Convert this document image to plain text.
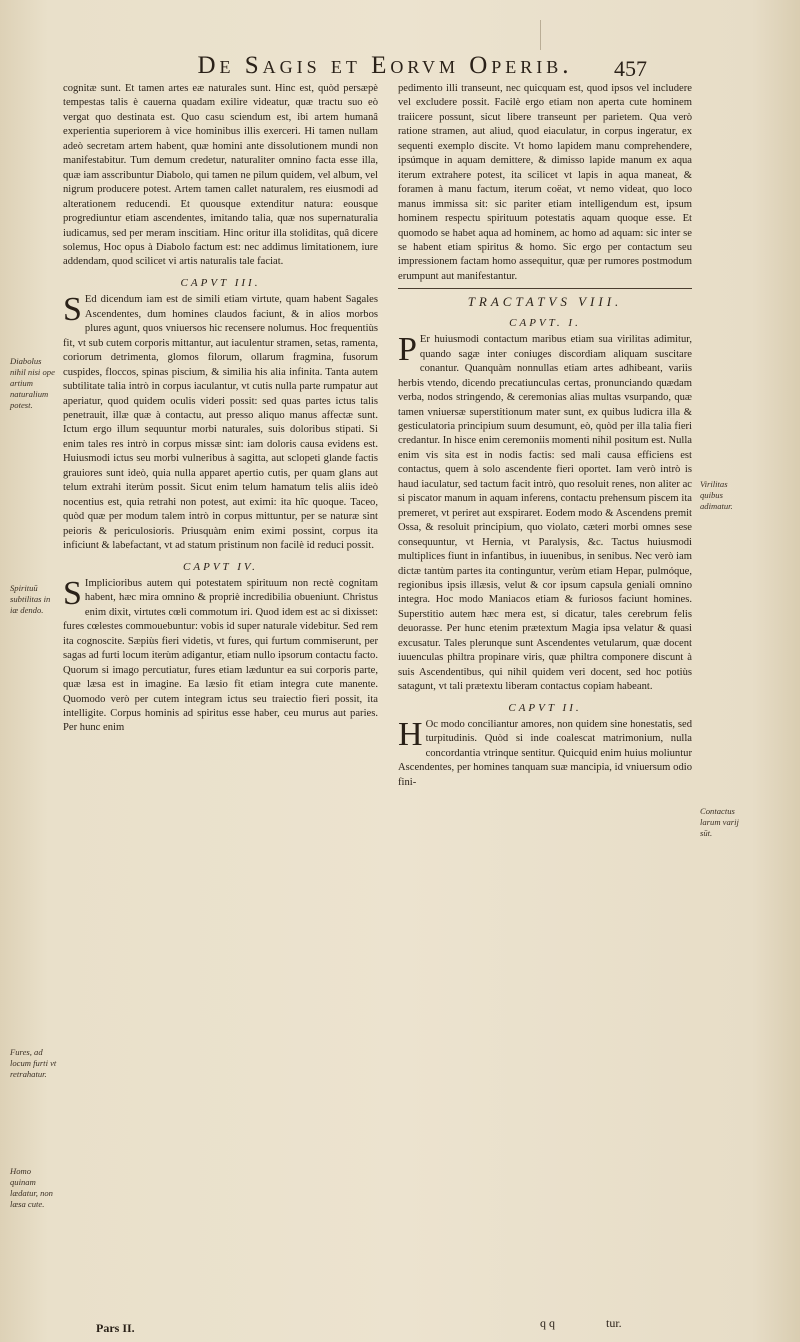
De Sagis et Eorvm Operib.	457

cognitæ sunt. Et tamen artes eæ naturales sunt. Hinc est, quòd persæpè tempestas talis è cauerna quadam exilire videatur, quæ tractu suo eò vergat quo destinata est. Quo casu sciendum est, ibi artem humanâ experientia superiorem à vice hominibus illis exerceri. Hi tamen nullam adeò secretam artem habent, quæ homini ante dissolutionem mundi non manifestabitur. Tum demum credetur, naturaliter omnino facta esse illa, quæ iam asscribuntur Diabolo, qui tamen ne pilum quidem, vel album, vel nigrum producere potest. Artem tamen callet naturalem, res eiusmodi ad alterationem reducendi. Et quousque extenditur natura: eousque progrediuntur etiam ascendentes, imitando talia, quæ nos supernaturalia iudicamus, sed per meram inscitiam. Hinc oritur illa stoliditas, quâ dicere solemus, Hoc opus à Diabolo factum est: nec addimus limitationem, iure addendam, quod scilicet vi artis naturalis tale faciat.

CAPVT III.

S Ed dicendum iam est de simili etiam virtute, quam habent Sagales Ascendentes, dum homines claudos faciunt, & in alios morbos plures agunt, quos vniuersos hic recensere nolumus. Hoc frequentiùs fit, vt sub cutem corporis mittantur, aut iaculentur stramen, setas, ramenta, coriorum detrimenta, glomos filorum, ollarum fragmina, fusorum cuspides, floccos, spinas piscium, & similia his alia infinita. Tanta autem subtilitate talia intrò in corpus iaculantur, vt cutis nulla parte rumpatur aut aperiatur, quod quidem oculis videri possit: sed quas partes ictus talis penetrauit, illæ quæ à contactu, aut presso aliquo manus affectæ sunt. Ictum ergo illum sequuntur morbi naturales, suis doloribus stipati. Si enim tales res intrò in corpus missæ sint: iam doloris causa evidens est. Huiusmodi ictus seu morbi vulneribus à sagitta, aut sclopeti glande factis grauiores sunt ideò, quia nulla apparet apertio cutis, per quam glans aut telum extrahi iterùm possit. Sicut enim telum hamatum telis aliis ideò nocentius est, quia retrahi non potest, aut eximi: ita hîc quoque. Taceo, quòd quæ per modum talem intrò in corpus mittuntur, per se naturæ sint peioris & periculosioris. Priusquàm enim eximi possint, corpus ita inficiunt & labefactant, vt ad statum pristinum non facilè id reduci possit.

CAPVT IV.

S Implicioribus autem qui potestatem spirituum non rectè cognitam habent, hæc mira omnino & propriè incredibilia obueniunt. Christus enim dixit, virtutes cœli commotum iri. Quod idem est ac si dixisset: fures cœlestes commouebuntur: vobis id super naturale videbitur. Sed rem ita cognoscite. Sæpiùs fieri videtis, vt fures, qui furtum commiserunt, per sagas ad furti locum iterùm adigantur, etiam nullo ipsorum contactu facto. Quorum si imago percutiatur, fures etiam læduntur ea sui corporis parte, quæ læsa est in imagine. Ea læsio fit etiam integra cute manente. Quomodo verò per cutem integram ictus seu traiectio fieri possit, ita intelligite. Corpus hominis ad spiritus esse haber, ceu murus aut paries. Per hunc enim

pedimento illi transeunt, nec quicquam est, quod ipsos vel includere vel excludere possit. Facilè ergo etiam non aperta cute hominem traiicere possunt, sicut libere transeunt per parietem. Qua verò ratione stramen, aut aliud, quod eiaculatur, in corpus ingeratur, ex sequenti exemplo discite. Vt homo lapidem manu comprehendere, ipsúmque in aquam demittere, & dimisso lapide manum ex aqua iterum extrahere potest, ita scilicet vt lapis in aqua maneat, & foramen à manu factum, iterum coëat, vt nemo videat, quo loco manus immissa sit: sic pariter etiam intelligendum est, ipsum hominem respectu spirituum potestatis aquam quoque esse. Et quomodo se habet aqua ad hominem, ac homo ad aquam: sic inter se se habent etiam spiritus & homo. Sic ergo per contactum seu impressionem factam homo assequitur, quæ per rumores postmodum erumpunt aut manifestantur.

TRACTATVS VIII.
CAPVT. I.

P Er huiusmodi contactum maribus etiam sua virilitas adimitur, quando sagæ inter coniuges discordiam aliquam suscitare conantur. Quanquàm nonnullas etiam artes adhibeant, variis herbis vtendo, dicendo precatiunculas certas, pronunciando quædam verba, nodos stringendo, & ceremonias alias multas vsurpando, quæ tamen vniuersæ superstitionum mater sunt, ex quibus ludicra illa & gesticulatoria principium suum desumunt, eò, quòd per illa talia fieri credantur. In hisce enim ceremoniis momenti nihil positum est. Nulla enim vis sita est in nodis factis: sed mali causa efficiens est contactus, quem à solo ascendente fieri oportet. Iam verò intrò is haud iaculatur, sed tactum facit intrò, quo resoluit renes, non aliter ac si piscator manum in aquam inferens, contactu prehensum piscem ita premeret, vt periret aut exspiraret. Eodem modo & Ascendens premit Ossa, & resoluit principium, quo violato, cæteri morbi omnes sese consequuntur, vt Hernia, vt Paralysis, &c. Tactus huiusmodi multiplices fiunt in infantibus, in iuuenibus, in senibus. Nec verò iam dictæ tantùm partes ita continguntur, verùm etiam Hepar, pulmóque, regionibus ipsis illæsis, velut & cor ipsum capsula geniali omnino integra. Hoc modo Maniacos etiam & furiosos faciunt homines. Superstitio autem hæc mera est, si dicatur, tales cerebrum felis deuorasse. Per hunc etenim prætextum Magia ipsa velatur & quasi excusatur. Tales plerunque sunt Ascendentes vetularum, quæ docent iuuenculas philtra propinare viris, quæ philtra componere discunt à suis Ascendentibus, qui nihil quidem veri docent, sed hoc potiùs satagunt, vt tali prætextu liberam contactus copiam habeant.

CAPVT II.

H Oc modo conciliantur amores, non quidem sine honestatis, sed turpitudinis. Quòd si inde coalescat matrimonium, nulla concordantia vtrinque sentitur. Quicquid enim huius moliuntur Ascendentes, per homines tanquam suæ mancipia, id vniuersum odio fini-

Diabolus nihil nisi ope artium naturalium potest.
Spirituū subtilitas in iæ dendo.
Fures, ad locum furti vt retrahatur.
Homo quinam lædatur, non læsa cute.
Virilitas quibus adimatur.
Contactus larum varij sūt.
Pars II.	q q	tur.
